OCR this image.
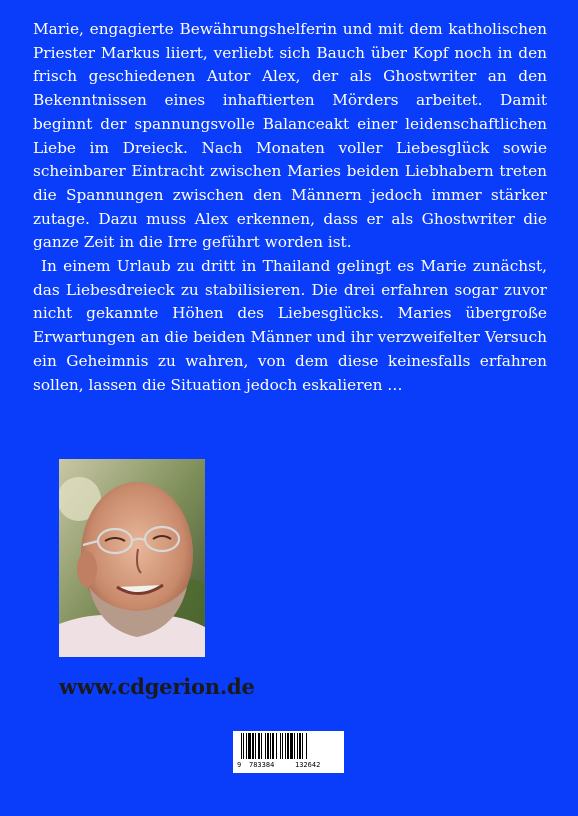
Marie, engagierte Bewährungshelferin und mit dem katholischen Priester Markus liiert, verliebt sich Bauch über Kopf noch in den frisch geschiedenen Autor Alex, der als Ghostwriter an den Bekenntnissen eines inhaftierten Mörders arbeitet. Damit beginnt der spannungsvolle Balanceakt einer leidenschaftlichen Liebe im Dreieck. Nach Monaten voller Liebesglück sowie scheinbarer Eintracht zwischen Maries beiden Liebhabern treten die Spannungen zwischen den Männern jedoch immer stärker zutage. Dazu muss Alex erkennen, dass er als Ghostwriter die ganze Zeit in die Irre geführt worden ist.

In einem Urlaub zu dritt in Thailand gelingt es Marie zunächst, das Liebesdreieck zu stabilisieren. Die drei erfahren sogar zuvor nicht gekannte Höhen des Liebesglücks. Maries übergroße Erwartungen an die beiden Männer und ihr verzweifelter Versuch ein Geheimnis zu wahren, von dem diese keinesfalls erfahren sollen, lassen die Situation jedoch eskalieren …

www.cdgerion.de
9 783384	132642
